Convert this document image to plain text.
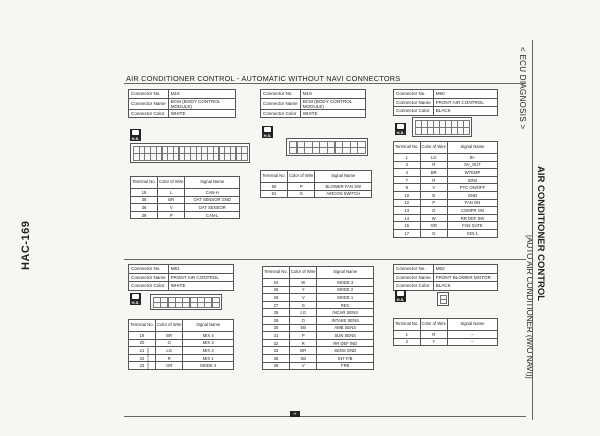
HAC-169
< ECU DIAGNOSIS >
AIR CONDITIONER CONTROL
[AUTO AIR CONDITIONER (W/O NAVI)]
AIR CONDITIONER CONTROL - AUTOMATIC WITHOUT NAVI CONNECTORS
Connector No.	M16
Connector Name	BCM (BODY CONTROL MODULE)
Connector Color	WHITE
H.S.
Terminal No.	Color of Wire	Signal Name
19	L	CAN-H
35	BR	OAT SENSOR GND
36	V	OAT SENSOR
39	P	CAN-L
Connector No.	M19
Connector Name	BCM (BODY CONTROL MODULE)
Connector Color	WHITE
H.S.
Terminal No.	Color of Wire	Signal Name
50	P	BLOWER FAN SW
61	G	AIRCON SWITCH
Connector No.	M50
Connector Name	FRONT AIR CONTROL
Connector Color	BLACK
H.S.
Terminal No.	Color of Wire	Signal Name
1	LG	B+
3	R	SV_OUT
4	BR	WTEMP
7	R	IGN2
8	V	PTC ON/OFF
10	B	GND
12	P	FAN ON
13	O	COMPR ON
14	W	RR DEF SW
15	GR	FAN GATE
17	O	IGN 1
Connector No.	M51
Connector Name	FRONT AIR CONTROL
Connector Color	WHITE
H.S.
Terminal No.	Color of Wire	Signal Name
19	BR	MIX 4
20	G	MIX 3
21	LG	MIX 2
22	R	MIX 1
23	GR	MODE 4
ALMIAC2056GB
Terminal No.	Color of Wire	Signal Name
24	W	MODE 3
25	Y	MODE 2
26	V	MODE 1
27	G	REC
28	LG	INCAR SENS
29	O	INTAKE SENS
30	SB	AMB SENS
31	P	SUN SENS
32	R	RR DEF IND
33	BR	SENS GND
35	SB	INT F/B
36	V	FRE
Connector No.	M62
Connector Name	FRONT BLOWER MOTOR
Connector Color	BLACK
H.S.
Terminal No.	Color of Wire	Signal Name
1	R	–
2	Y	–
H
